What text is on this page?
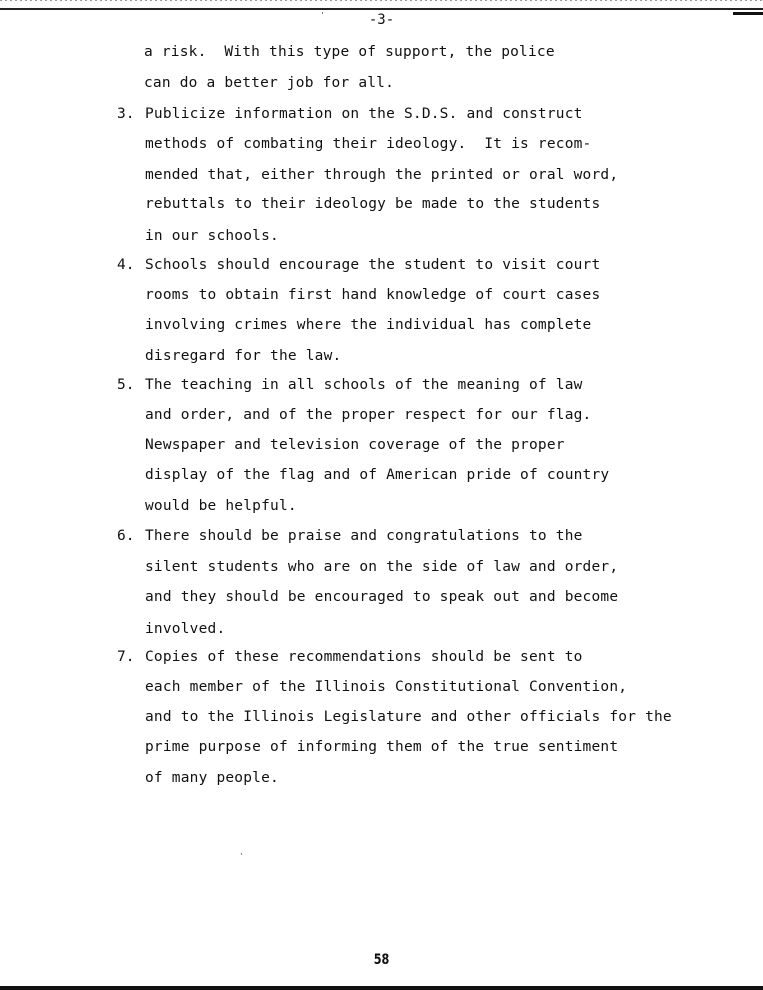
-3-
a risk.  With this type of support, the police
can do a better job for all.
3. Publicize information on the S.D.S. and construct
methods of combating their ideology.  It is recom-
mended that, either through the printed or oral word,
rebuttals to their ideology be made to the students
in our schools.
4. Schools should encourage the student to visit court
rooms to obtain first hand knowledge of court cases
involving crimes where the individual has complete
disregard for the law.
5. The teaching in all schools of the meaning of law
and order, and of the proper respect for our flag.
Newspaper and television coverage of the proper
display of the flag and of American pride of country
would be helpful.
6. There should be praise and congratulations to the
silent students who are on the side of law and order,
and they should be encouraged to speak out and become
involved.
7. Copies of these recommendations should be sent to
each member of the Illinois Constitutional Convention,
and to the Illinois Legislature and other officials for the
prime purpose of informing them of the true sentiment
of many people.
58
